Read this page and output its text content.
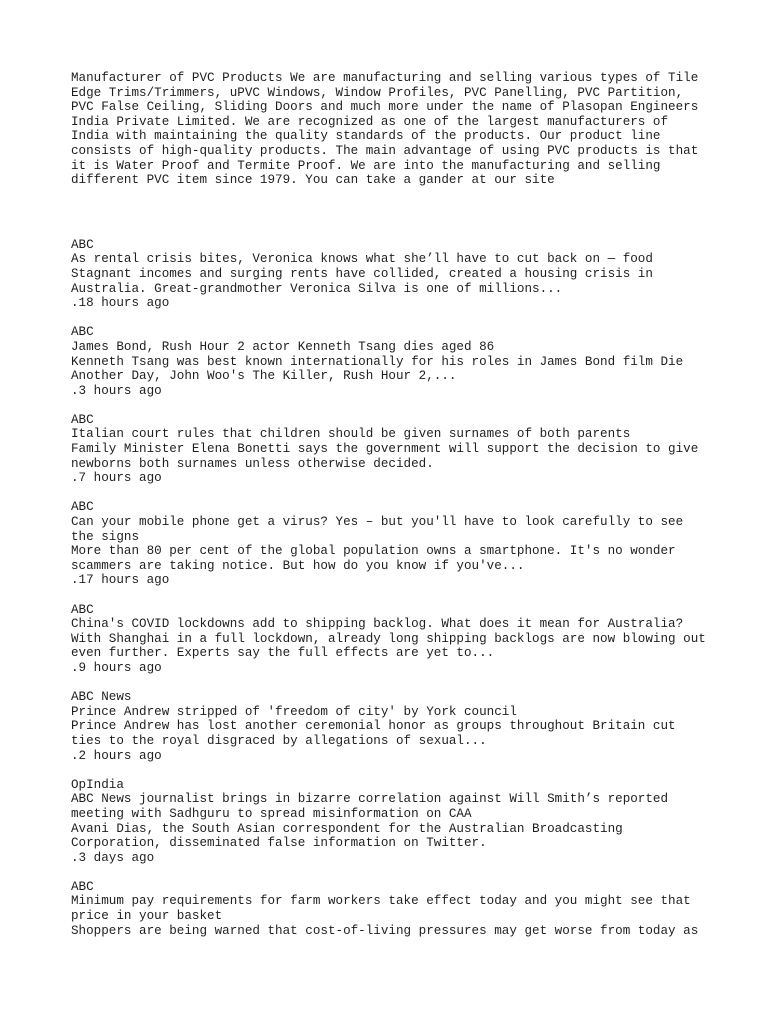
Manufacturer of PVC Products We are manufacturing and selling various types of Tile Edge Trims/Trimmers, uPVC Windows, Window Profiles, PVC Panelling, PVC Partition, PVC False Ceiling, Sliding Doors and much more under the name of Plasopan Engineers India Private Limited. We are recognized as one of the largest manufacturers of India with maintaining the quality standards of the products. Our product line consists of high-quality products. The main advantage of using PVC products is that it is Water Proof and Termite Proof. We are into the manufacturing and selling different PVC item since 1979. You can take a gander at our site

ABC
As rental crisis bites, Veronica knows what she’ll have to cut back on — food
Stagnant incomes and surging rents have collided, created a housing crisis in Australia. Great-grandmother Veronica Silva is one of millions...
.18 hours ago
ABC
James Bond, Rush Hour 2 actor Kenneth Tsang dies aged 86
Kenneth Tsang was best known internationally for his roles in James Bond film Die Another Day, John Woo's The Killer, Rush Hour 2,...
.3 hours ago
ABC
Italian court rules that children should be given surnames of both parents
Family Minister Elena Bonetti says the government will support the decision to give newborns both surnames unless otherwise decided.
.7 hours ago
ABC
Can your mobile phone get a virus? Yes – but you'll have to look carefully to see the signs
More than 80 per cent of the global population owns a smartphone. It's no wonder scammers are taking notice. But how do you know if you've...
.17 hours ago
ABC
China's COVID lockdowns add to shipping backlog. What does it mean for Australia?
With Shanghai in a full lockdown, already long shipping backlogs are now blowing out even further. Experts say the full effects are yet to...
.9 hours ago
ABC News
Prince Andrew stripped of 'freedom of city' by York council
Prince Andrew has lost another ceremonial honor as groups throughout Britain cut ties to the royal disgraced by allegations of sexual...
.2 hours ago
OpIndia
ABC News journalist brings in bizarre correlation against Will Smith’s reported meeting with Sadhguru to spread misinformation on CAA
Avani Dias, the South Asian correspondent for the Australian Broadcasting Corporation, disseminated false information on Twitter.
.3 days ago
ABC
Minimum pay requirements for farm workers take effect today and you might see that price in your basket
Shoppers are being warned that cost-of-living pressures may get worse from today as
